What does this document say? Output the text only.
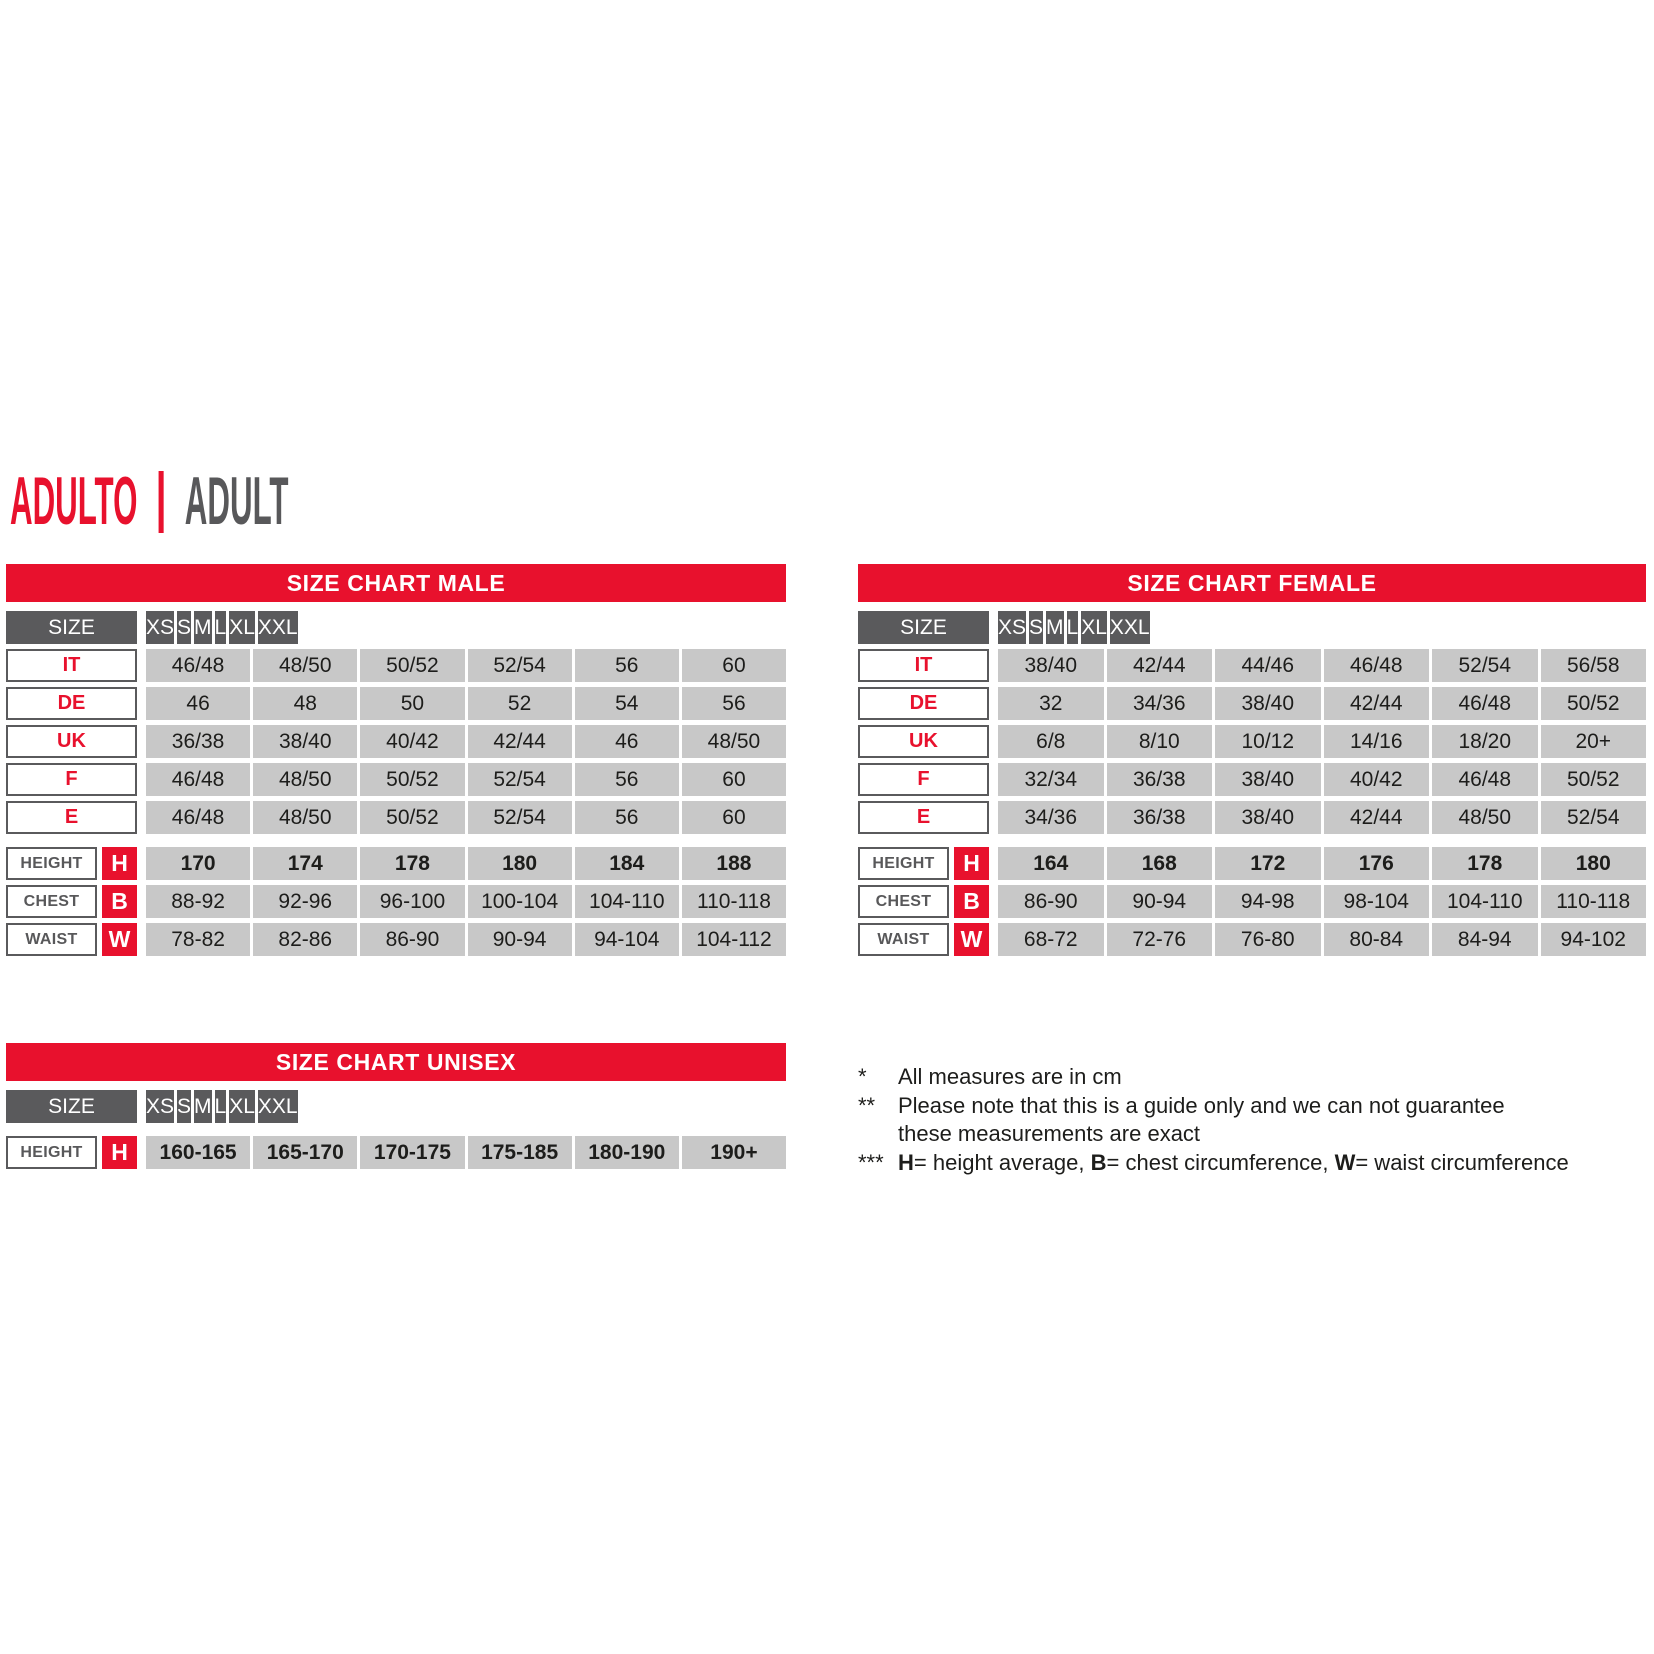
ADULTO ADULT
SIZE CHART MALE
SIZE	XS S M L XL XXL
IT	46/48	48/50	50/52	52/54	56	60
DE	46	48	50	52	54	56
UK	36/38	38/40	40/42	42/44	46	48/50
F	46/48	48/50	50/52	52/54	56	60
E	46/48	48/50	50/52	52/54	56	60
HEIGHT	H	170	174	178	180	184	188
CHEST	B	88-92	92-96	96-100	100-104	104-110	110-118
WAIST	W	78-82	82-86	86-90	90-94	94-104	104-112
SIZE CHART FEMALE
SIZE	XS S M L XL XXL
IT	38/40	42/44	44/46	46/48	52/54	56/58
DE	32	34/36	38/40	42/44	46/48	50/52
UK	6/8	8/10	10/12	14/16	18/20	20+
F	32/34	36/38	38/40	40/42	46/48	50/52
E	34/36	36/38	38/40	42/44	48/50	52/54
HEIGHT	H	164	168	172	176	178	180
CHEST	B	86-90	90-94	94-98	98-104	104-110	110-118
WAIST	W	68-72	72-76	76-80	80-84	84-94	94-102
SIZE CHART UNISEX
SIZE	XS S M L XL XXL
HEIGHT	H	160-165	165-170	170-175	175-185	180-190	190+
*	All measures are in cm
**	Please note that this is a guide only and we can not guarantee
these measurements are exact
*** H= height average, B= chest circumference, W= waist circumference
